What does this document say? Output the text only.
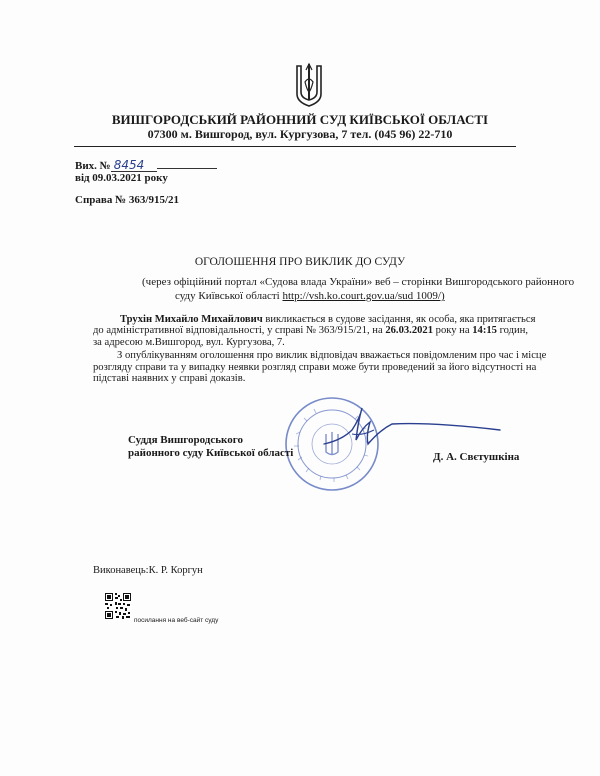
ВИШГОРОДСЬКИЙ РАЙОННИЙ СУД КИЇВСЬКОЇ ОБЛАСТІ
07300 м. Вишгород, вул. Кургузова, 7 тел. (045 96) 22-710
Вих. № 8454
від 09.03.2021 року
Справа № 363/915/21
ОГОЛОШЕННЯ ПРО ВИКЛИК ДО СУДУ
(через офіційний портал «Судова влада України» веб – сторінки Вишгородського районного
суду Київської області http://vsh.ko.court.gov.ua/sud 1009/)
Трухін Михайло Михайлович викликається в судове засідання, як особа, яка притягається
до адміністративної відповідальності, у справі № 363/915/21, на 26.03.2021 року на 14:15 годин,
за адресою м.Вишгород, вул. Кургузова, 7.
З опублікуванням оголошення про виклик відповідач вважається повідомленим про час і місце
розгляду справи та у випадку неявки розгляд справи може бути проведений за його відсутності на
підставі наявних у справі доказів.
Суддя Вишгородського
районного суду Київської області	Д. А. Свєтушкіна
Виконавець:К. Р. Коргун
посилання на веб-сайт суду
